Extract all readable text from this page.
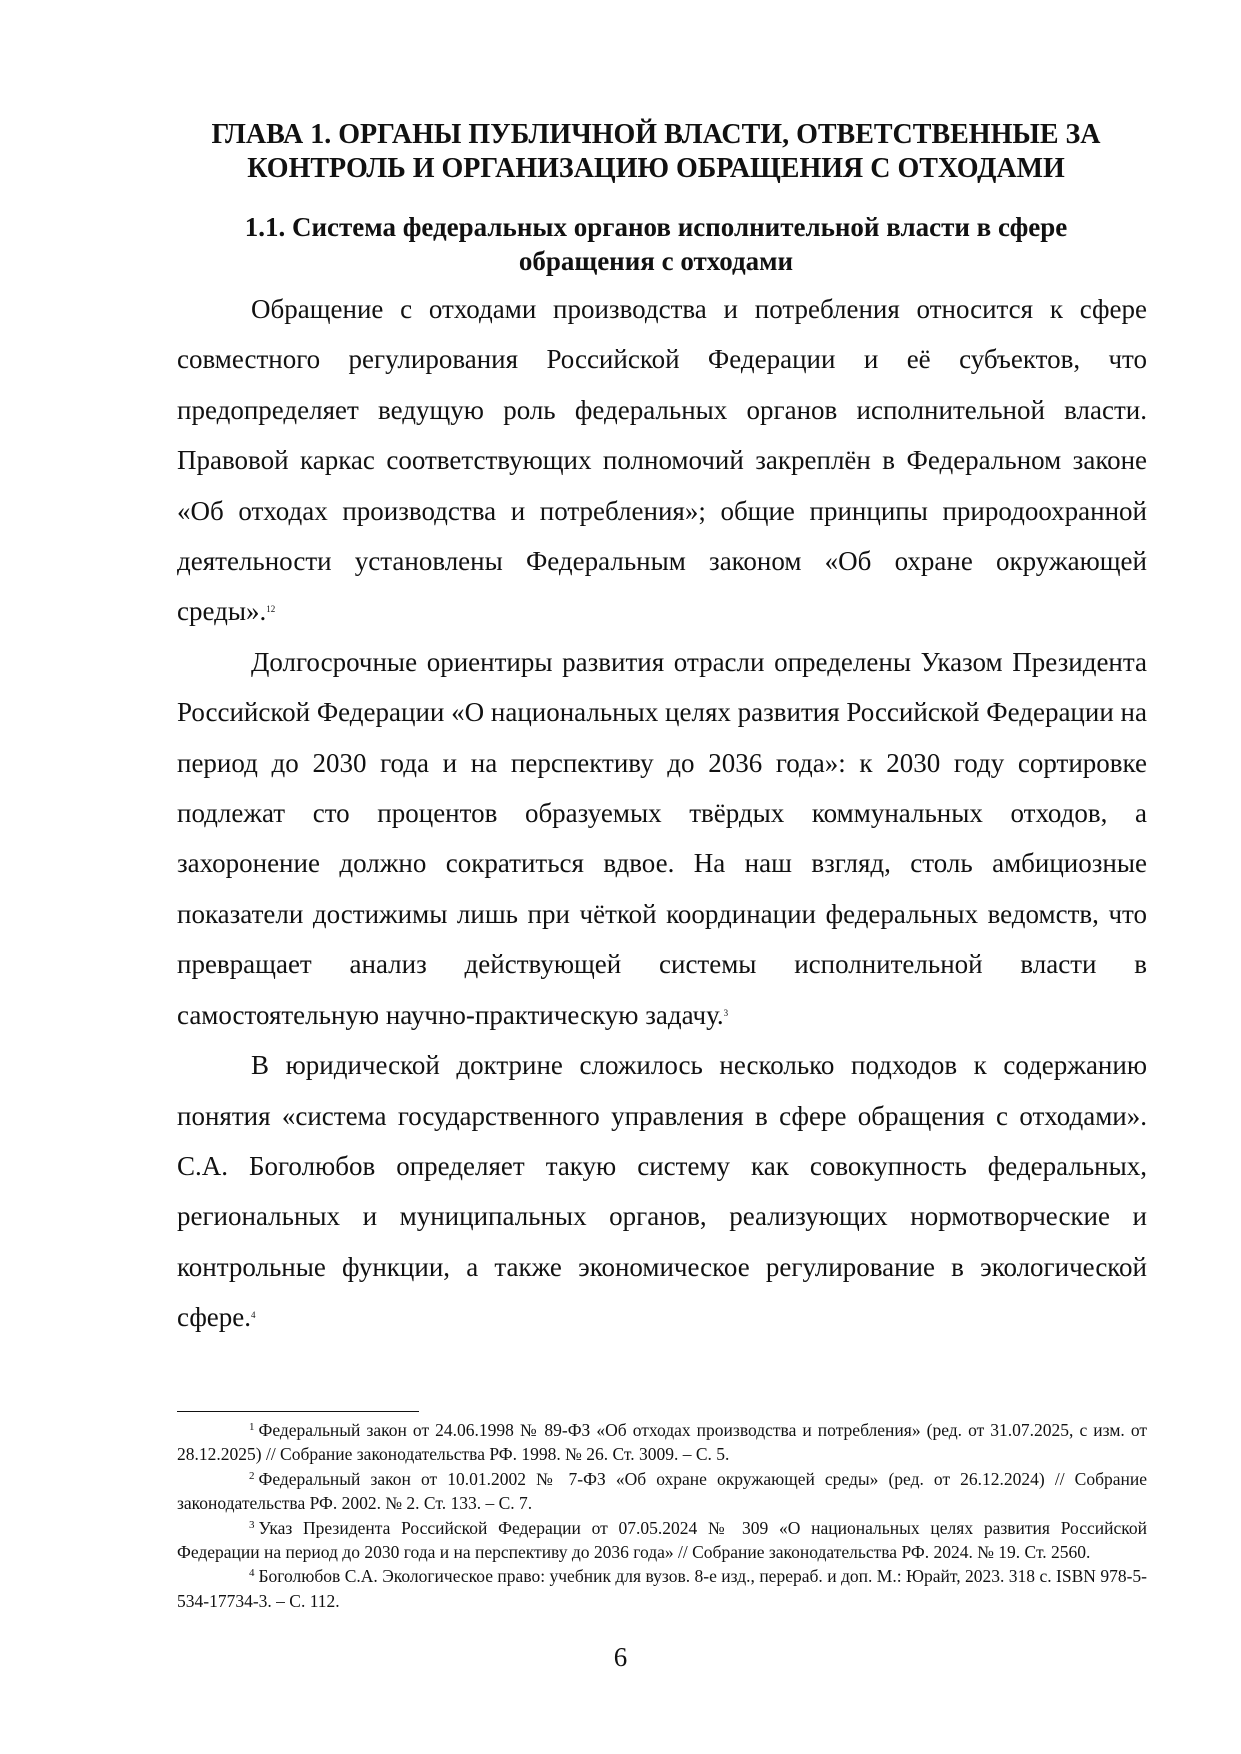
ГЛАВА 1. ОРГАНЫ ПУБЛИЧНОЙ ВЛАСТИ, ОТВЕТСТВЕННЫЕ ЗА КОНТРОЛЬ И ОРГАНИЗАЦИЮ ОБРАЩЕНИЯ С ОТХОДАМИ
1.1. Система федеральных органов исполнительной власти в сфере обращения с отходами

Обращение с отходами производства и потребления относится к сфере совместного регулирования Российской Федерации и её субъектов, что предопределяет ведущую роль федеральных органов исполнительной власти. Правовой каркас соответствующих полномочий закреплён в Федеральном законе «Об отходах производства и потребления»; общие принципы природоохранной деятельности установлены Федеральным законом «Об охране окружающей среды».$^{12}$

Долгосрочные ориентиры развития отрасли определены Указом Президента Российской Федерации «О национальных целях развития Российской Федерации на период до 2030 года и на перспективу до 2036 года»: к 2030 году сортировке подлежат сто процентов образуемых твёрдых коммунальных отходов, а захоронение должно сократиться вдвое. На наш взгляд, столь амбициозные показатели достижимы лишь при чёткой координации федеральных ведомств, что превращает анализ действующей системы исполнительной власти в самостоятельную научно-практическую задачу.$^3$

В юридической доктрине сложилось несколько подходов к содержанию понятия «система государственного управления в сфере обращения с отходами». С.А. Боголюбов определяет такую систему как совокупность федеральных, региональных и муниципальных органов, реализующих нормотворческие и контрольные функции, а также экономическое регулирование в экологической сфере.$^4$

$^1$ Федеральный закон от 24.06.1998 № 89-ФЗ «Об отходах производства и потребления» (ред. от 31.07.2025, с изм. от 28.12.2025) // Собрание законодательства РФ. 1998. № 26. Ст. 3009. – С. 5.

$^2$ Федеральный закон от 10.01.2002 № 7-ФЗ «Об охране окружающей среды» (ред. от 26.12.2024) // Собрание законодательства РФ. 2002. № 2. Ст. 133. – С. 7.

$^3$ Указ Президента Российской Федерации от 07.05.2024 № 309 «О национальных целях развития Российской Федерации на период до 2030 года и на перспективу до 2036 года» // Собрание законодательства РФ. 2024. № 19. Ст. 2560.

$^4$ Боголюбов С.А. Экологическое право: учебник для вузов. 8-е изд., перераб. и доп. М.: Юрайт, 2023. 318 с. ISBN 978-5-534-17734-3. – С. 112.

6
